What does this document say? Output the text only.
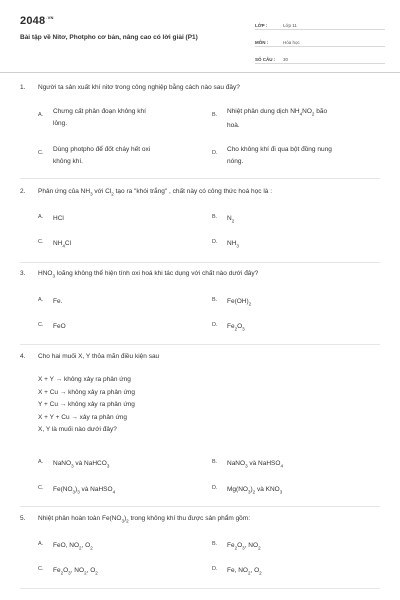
$2048^{.VN}$
Bài tập về Nitơ, Photpho cơ bản, nâng cao có lời giải (P1)
LỚP :	Lớp 11
MÔN :	Hóa học
SỐ CÂU :	30
1.	Người ta sản xuất khí nitơ trong công nghiệp bằng cách nào sau đây?
A.	Chưng cất phân đoạn không khí
lỏng.
B.	Nhiệt phân dung dịch $NH_4NO_2$ bão
hoà.
C.	Dùng photpho để đốt cháy hết oxi
không khí.
D.	Cho không khí đi qua bột đồng nung
nóng.
2.	Phản ứng của $NH_3$ với $Cl_2$ tạo ra "khói trắng" , chất này có công thức hoá học là :
A.	HCl	B.	$N_2$
C.	$NH_4Cl$	D.	$NH_3$
3.	$HNO_3$ loãng không thể hiện tính oxi hoá khi tác dụng với chất nào dưới đây?
A.	Fe.	B.	$Fe(OH)_2$
C.	FeO	D.	$Fe_2O_3$
4.	Cho hai muối X, Y thỏa mãn điều kiện sau
X + Y → không xảy ra phản ứng
X + Cu → không xảy ra phản ứng
Y + Cu → không xảy ra phản ứng
X + Y + Cu → xảy ra phản ứng
X, Y là muối nào dưới đây?
A.	NaNO$_3$ và NaHCO$_3$
B.	NaNO$_3$ và NaHSO$_4$
C.	$Fe(NO_3)_3$ và NaHSO$_4$
D.	$Mg(NO_3)_2$ và $KNO_3$
5.	Nhiệt phân hoàn toàn $Fe(NO_3)_2$ trong không khí thu được sản phẩm gồm:
A.	FeO, $NO_2$, $O_2$
B.	$Fe_2O_3$, $NO_2$
C.	$Fe_2O_3$, $NO_2$, $O_2$
D.	Fe, $NO_2$, $O_2$
